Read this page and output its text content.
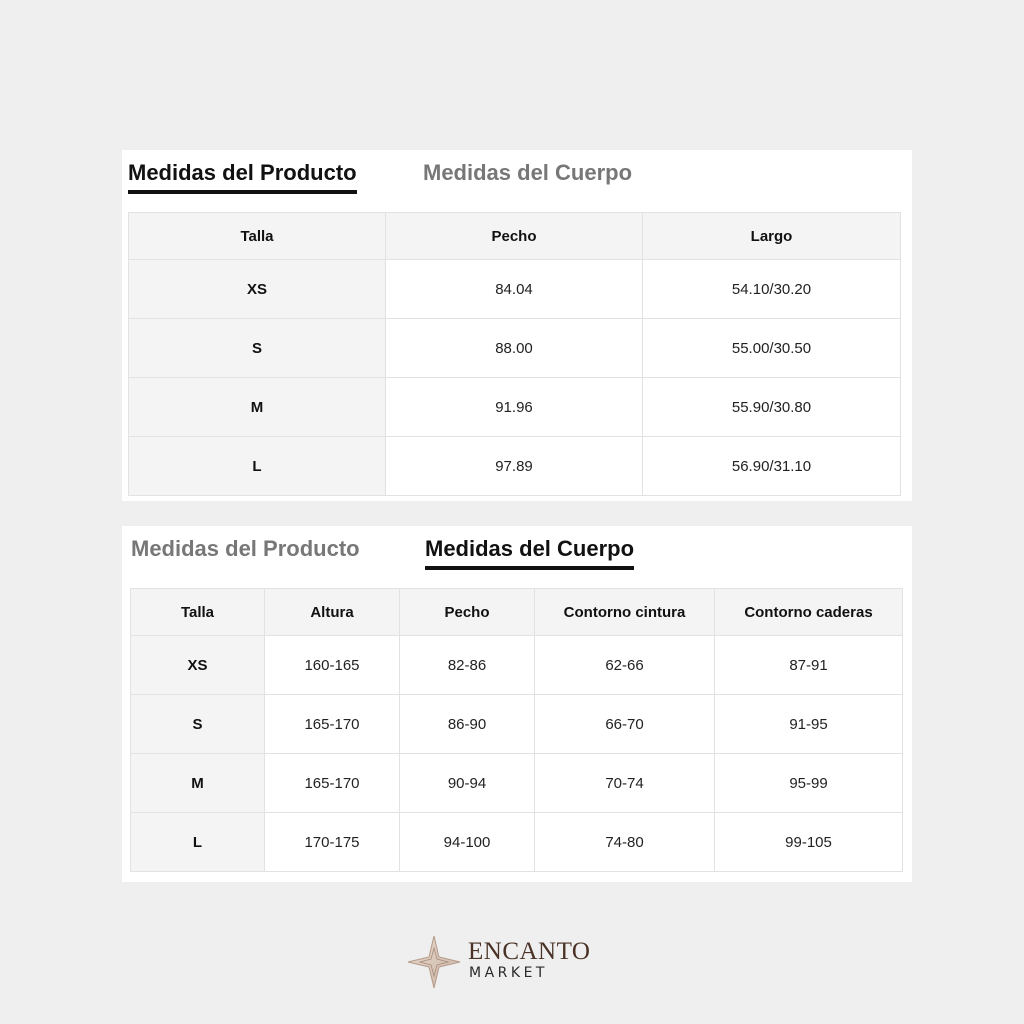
Medidas del Producto	Medidas del Cuerpo
Talla	Pecho	Largo
XS	84.04	54.10/30.20
S	88.00	55.00/30.50
M	91.96	55.90/30.80
L	97.89	56.90/31.10
Medidas del Producto	Medidas del Cuerpo
Talla	Altura	Pecho	Contorno cintura	Contorno caderas
XS	160-165	82-86	62-66	87-91
S	165-170	86-90	66-70	91-95
M	165-170	90-94	70-74	95-99
L	170-175	94-100	74-80	99-105
ENCANTO
MARKET
